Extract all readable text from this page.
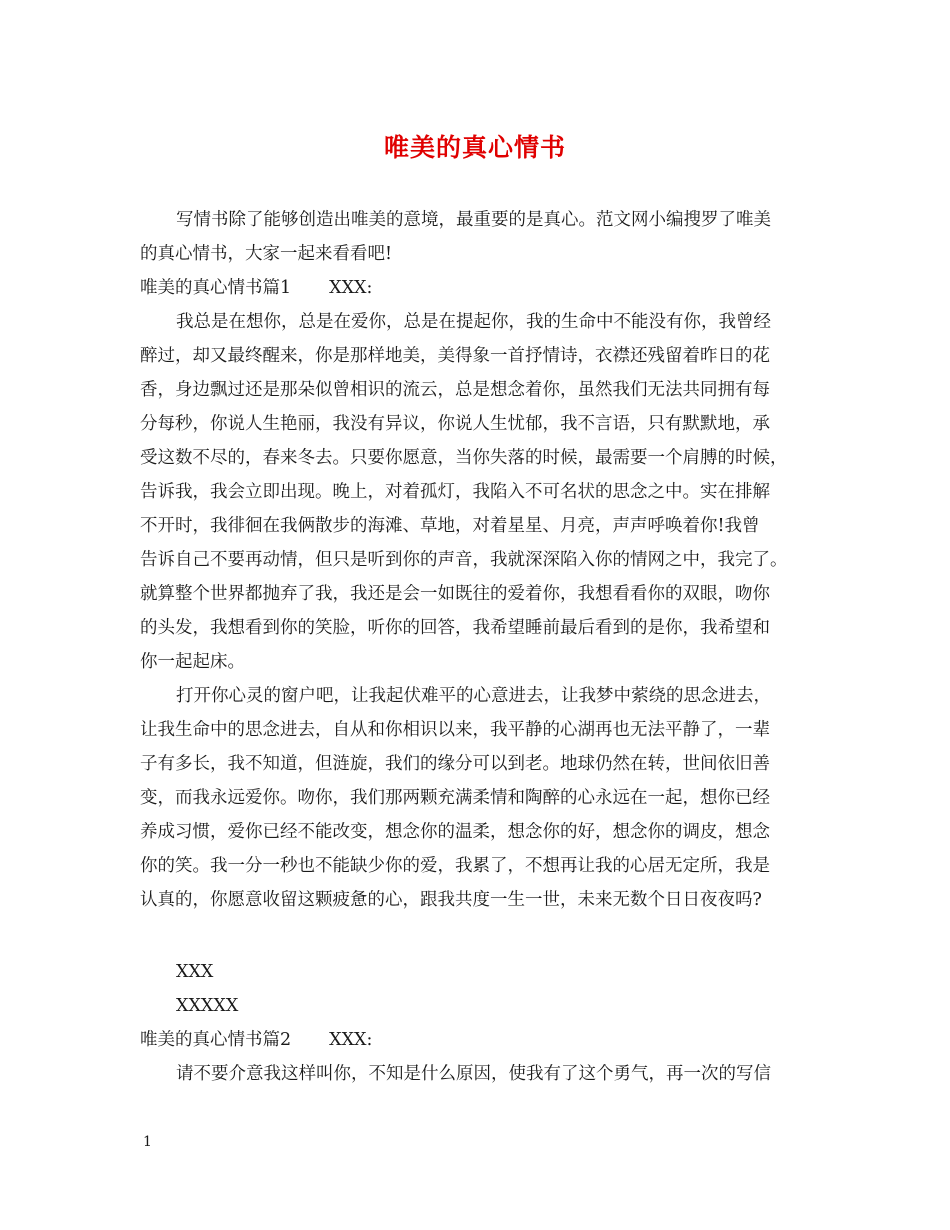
唯美的真心情书
写情书除了能够创造出唯美的意境，最重要的是真心。范文网小编搜罗了唯美
的真心情书，大家一起来看看吧!
唯美的真心情书篇1 XXX:
我总是在想你，总是在爱你，总是在提起你，我的生命中不能没有你，我曾经
醉过，却又最终醒来，你是那样地美，美得象一首抒情诗，衣襟还残留着昨日的花
香，身边飘过还是那朵似曾相识的流云，总是想念着你，虽然我们无法共同拥有每
分每秒，你说人生艳丽，我没有异议，你说人生忧郁，我不言语，只有默默地，承
受这数不尽的，春来冬去。只要你愿意，当你失落的时候，最需要一个肩膊的时候，
告诉我，我会立即出现。晚上，对着孤灯，我陷入不可名状的思念之中。实在排解
不开时，我徘徊在我俩散步的海滩、草地，对着星星、月亮，声声呼唤着你!我曾
告诉自己不要再动情，但只是听到你的声音，我就深深陷入你的情网之中，我完了。
就算整个世界都抛弃了我，我还是会一如既往的爱着你，我想看看你的双眼，吻你
的头发，我想看到你的笑脸，听你的回答，我希望睡前最后看到的是你，我希望和
你一起起床。
打开你心灵的窗户吧，让我起伏难平的心意进去，让我梦中萦绕的思念进去，
让我生命中的思念进去，自从和你相识以来，我平静的心湖再也无法平静了，一辈
子有多长，我不知道，但涟旋，我们的缘分可以到老。地球仍然在转，世间依旧善
变，而我永远爱你。吻你，我们那两颗充满柔情和陶醉的心永远在一起，想你已经
养成习惯，爱你已经不能改变，想念你的温柔，想念你的好，想念你的调皮，想念
你的笑。我一分一秒也不能缺少你的爱，我累了，不想再让我的心居无定所，我是
认真的，你愿意收留这颗疲惫的心，跟我共度一生一世，未来无数个日日夜夜吗?
XXX
XXXXX
唯美的真心情书篇2 XXX:
请不要介意我这样叫你，不知是什么原因，使我有了这个勇气，再一次的写信
1
